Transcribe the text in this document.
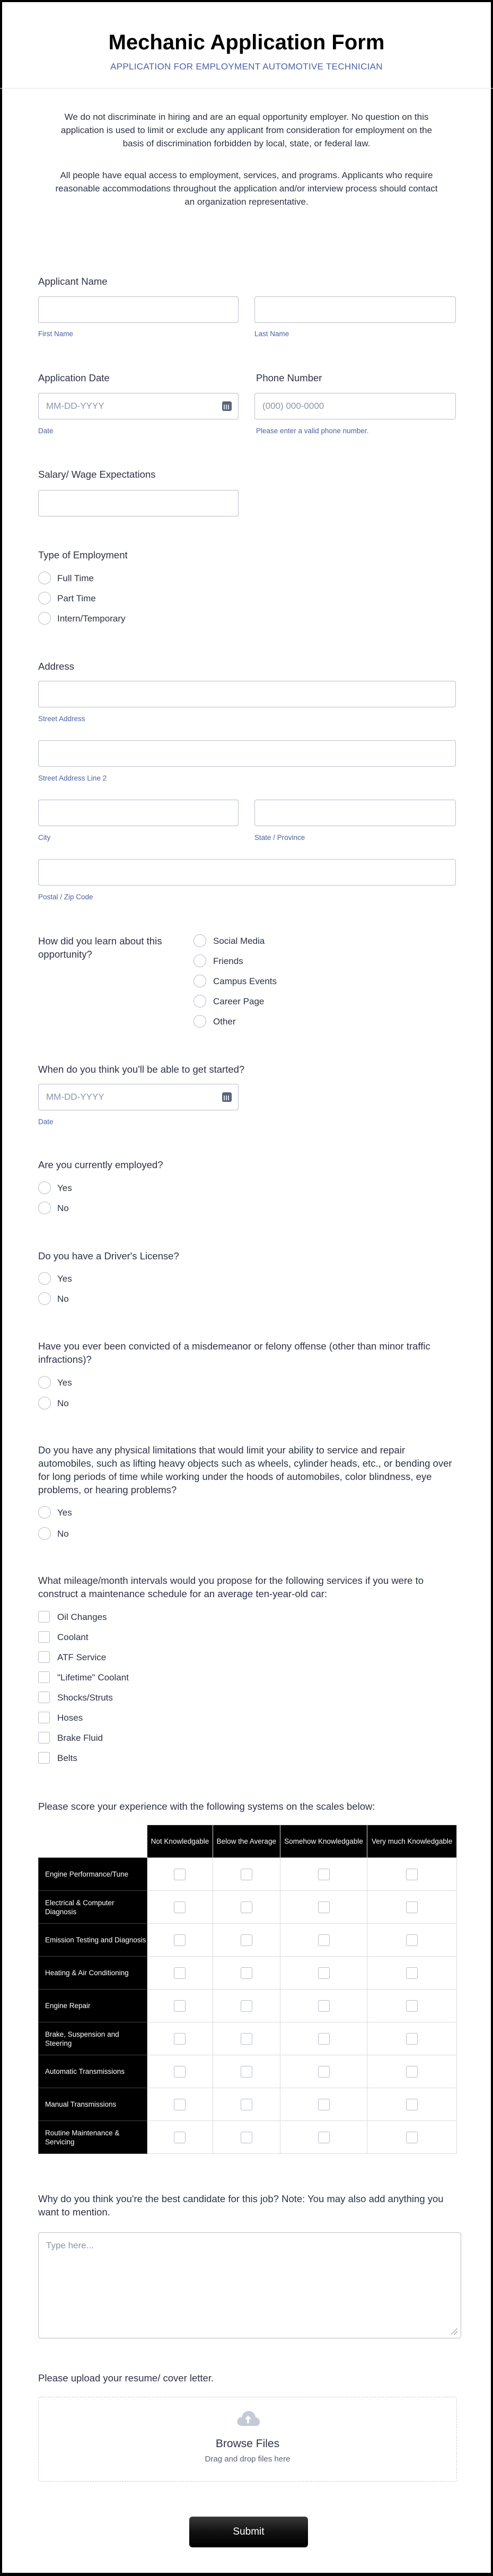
Mechanic Application Form
APPLICATION FOR EMPLOYMENT AUTOMOTIVE TECHNICIAN
We do not discriminate in hiring and are an equal opportunity employer. No question on this application is used to limit or exclude any applicant from consideration for employment on the basis of discrimination forbidden by local, state, or federal law.
All people have equal access to employment, services, and programs. Applicants who require reasonable accommodations throughout the application and/or interview process should contact an organization representative.
Applicant Name
First Name	Last Name
Application Date	Phone Number
MM-DD-YYYY	(000) 000-0000
Date	Please enter a valid phone number.
Salary/ Wage Expectations
Type of Employment
Full Time
Part Time
Intern/Temporary
Address
Street Address
Street Address Line 2
City	State / Province
Postal / Zip Code
How did you learn about this opportunity?
Social Media
Friends
Campus Events
Career Page
Other
When do you think you'll be able to get started?
MM-DD-YYYY
Date
Are you currently employed?
Yes
No
Do you have a Driver's License?
Yes
No
Have you ever been convicted of a misdemeanor or felony offense (other than minor traffic infractions)?
Yes
No
Do you have any physical limitations that would limit your ability to service and repair automobiles, such as lifting heavy objects such as wheels, cylinder heads, etc., or bending over for long periods of time while working under the hoods of automobiles, color blindness, eye problems, or hearing problems?
Yes
No
What mileage/month intervals would you propose for the following services if you were to construct a maintenance schedule for an average ten-year-old car:
Oil Changes
Coolant
ATF Service
"Lifetime" Coolant
Shocks/Struts
Hoses
Brake Fluid
Belts
Please score your experience with the following systems on the scales below:
	Not Knowledgable	Below the Average	Somehow Knowledgable	Very much Knowledgable
Engine Performance/Tune				
Electrical & Computer Diagnosis				
Emission Testing and Diagnosis				
Heating & Air Conditioning				
Engine Repair				
Brake, Suspension and Steering				
Automatic Transmissions				
Manual Transmissions				
Routine Maintenance & Servicing				
Why do you think you're the best candidate for this job? Note: You may also add anything you want to mention.
Type here...
Please upload your resume/ cover letter.
Browse Files
Drag and drop files here
Submit
